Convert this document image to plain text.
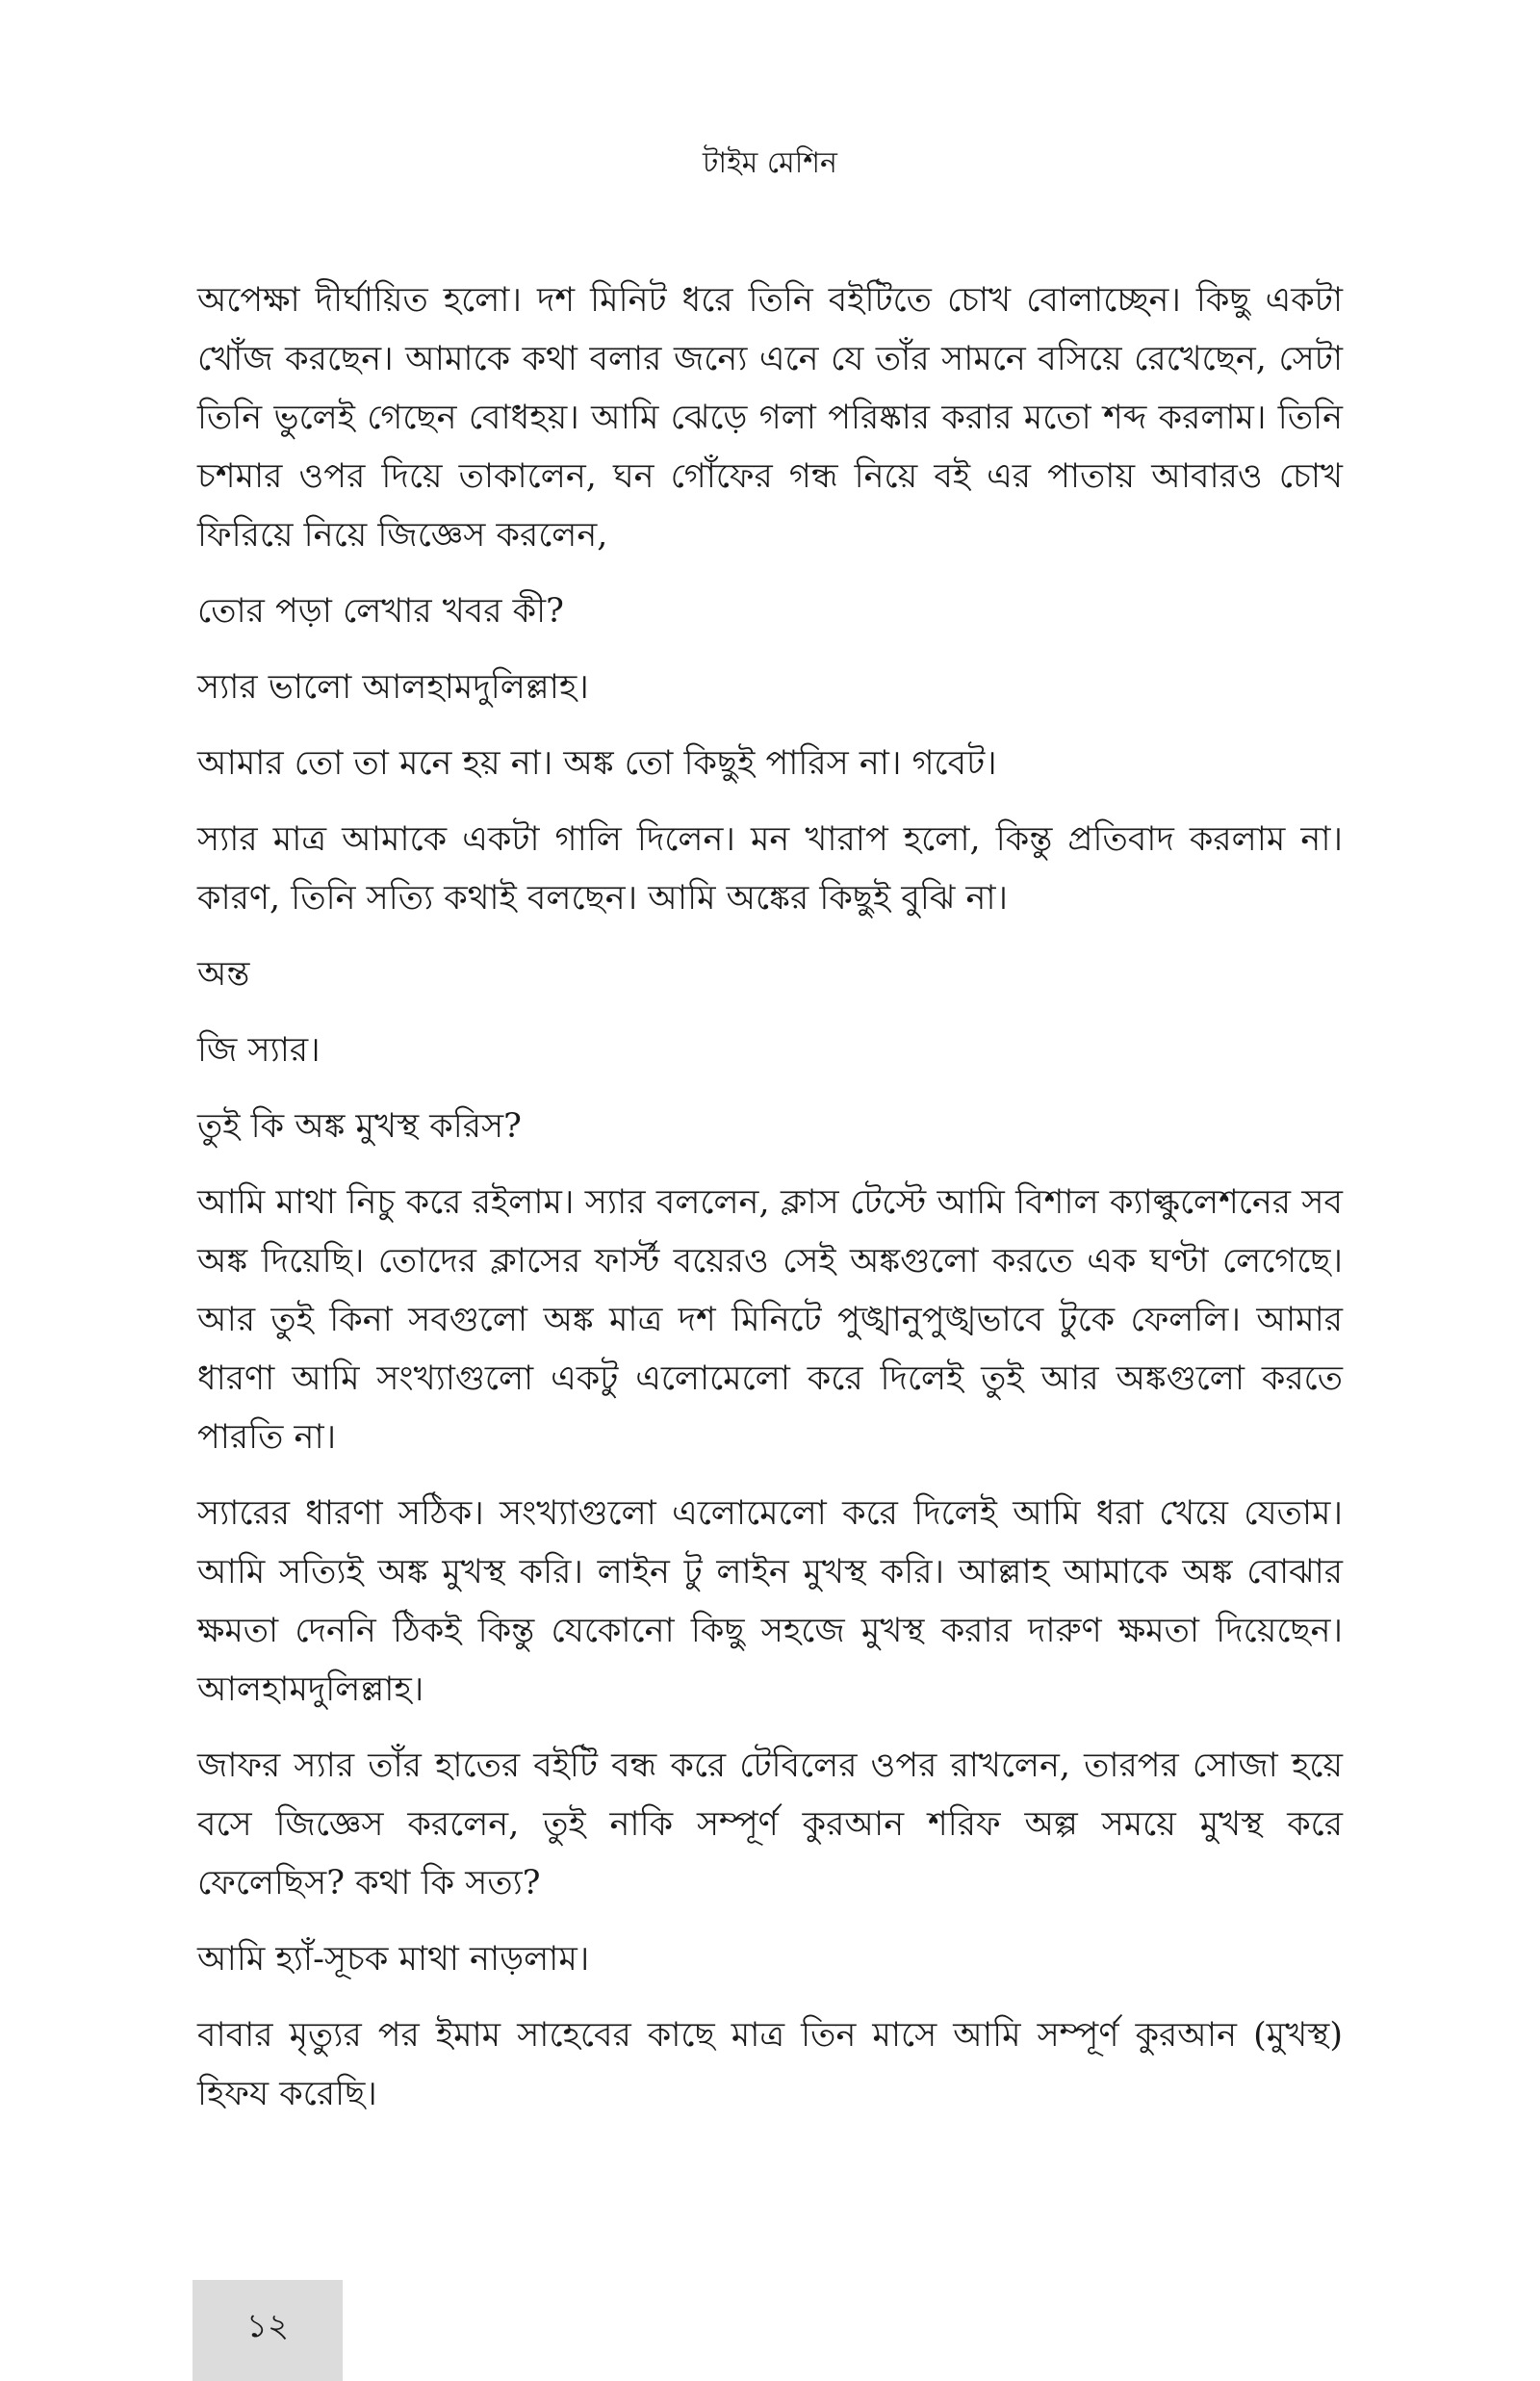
টাইম মেশিন

অপেক্ষা দীর্ঘায়িত হলো। দশ মিনিট ধরে তিনি বইটিতে চোখ বোলাচ্ছেন। কিছু একটা খোঁজ করছেন। আমাকে কথা বলার জন্যে এনে যে তাঁর সামনে বসিয়ে রেখেছেন, সেটা তিনি ভুলেই গেছেন বোধহয়। আমি ঝেড়ে গলা পরিষ্কার করার মতো শব্দ করলাম। তিনি চশমার ওপর দিয়ে তাকালেন, ঘন গোঁফের গন্ধ নিয়ে বই এর পাতায় আবারও চোখ ফিরিয়ে নিয়ে জিজ্ঞেস করলেন,

তোর পড়া লেখার খবর কী?

স্যার ভালো আলহামদুলিল্লাহ।

আমার তো তা মনে হয় না। অঙ্ক তো কিছুই পারিস না। গবেট।

স্যার মাত্র আমাকে একটা গালি দিলেন। মন খারাপ হলো, কিন্তু প্রতিবাদ করলাম না। কারণ, তিনি সত্যি কথাই বলছেন। আমি অঙ্কের কিছুই বুঝি না।

অন্ত

জি স্যার।

তুই কি অঙ্ক মুখস্থ করিস?

আমি মাথা নিচু করে রইলাম। স্যার বললেন, ক্লাস টেস্টে আমি বিশাল ক্যাল্কুলেশনের সব অঙ্ক দিয়েছি। তোদের ক্লাসের ফার্স্ট বয়েরও সেই অঙ্কগুলো করতে এক ঘণ্টা লেগেছে। আর তুই কিনা সবগুলো অঙ্ক মাত্র দশ মিনিটে পুঙ্খানুপুঙ্খভাবে টুকে ফেললি। আমার ধারণা আমি সংখ্যাগুলো একটু এলোমেলো করে দিলেই তুই আর অঙ্কগুলো করতে পারতি না।

স্যারের ধারণা সঠিক। সংখ্যাগুলো এলোমেলো করে দিলেই আমি ধরা খেয়ে যেতাম। আমি সত্যিই অঙ্ক মুখস্থ করি। লাইন টু লাইন মুখস্থ করি। আল্লাহ আমাকে অঙ্ক বোঝার ক্ষমতা দেননি ঠিকই কিন্তু যেকোনো কিছু সহজে মুখস্থ করার দারুণ ক্ষমতা দিয়েছেন। আলহামদুলিল্লাহ।

জাফর স্যার তাঁর হাতের বইটি বন্ধ করে টেবিলের ওপর রাখলেন, তারপর সোজা হয়ে বসে জিজ্ঞেস করলেন, তুই নাকি সম্পূর্ণ কুরআন শরিফ অল্প সময়ে মুখস্থ করে ফেলেছিস? কথা কি সত্য?

আমি হ্যাঁ-সূচক মাথা নাড়লাম।

বাবার মৃত্যুর পর ইমাম সাহেবের কাছে মাত্র তিন মাসে আমি সম্পূর্ণ কুরআন (মুখস্থ) হিফয করেছি।

১২
